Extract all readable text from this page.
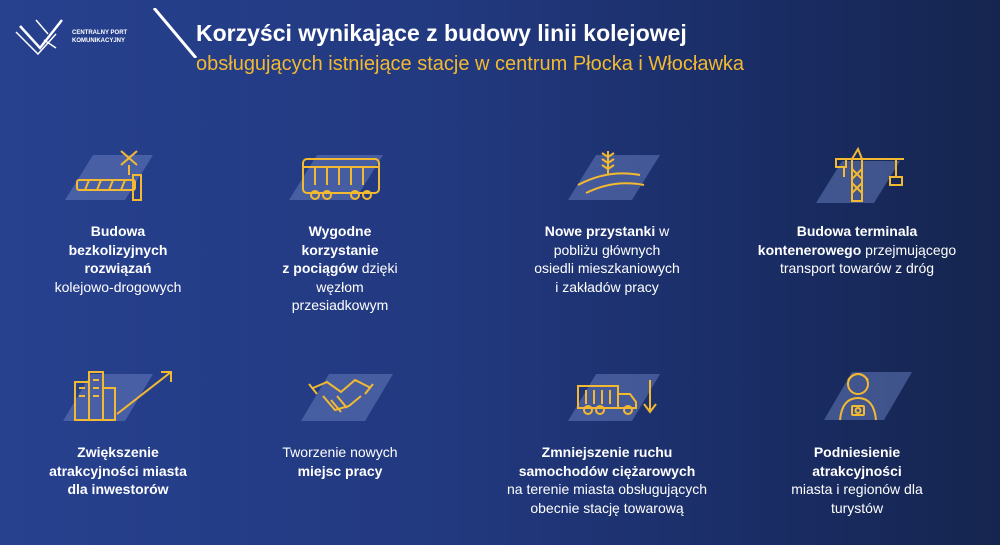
CENTRALNY PORT
KOMUNIKACYJNY	Korzyści wynikające z budowy linii kolejowej
obsługujących istniejące stacje w centrum Płocka i Włocławka
Budowa
bezkolizyjnych
rozwiązań
kolejowo-drogowych
Wygodne
korzystanie
z pociągów dzięki
węzłom
przesiadkowym
Nowe przystanki w
pobliżu głównych
osiedli mieszkaniowych
i zakładów pracy
Budowa terminala
kontenerowego przejmującego
transport towarów z dróg
Zwiększenie
atrakcyjności miasta
dla inwestorów
Tworzenie nowych
miejsc pracy
Zmniejszenie ruchu
samochodów ciężarowych
na terenie miasta obsługujących
obecnie stację towarową
Podniesienie
atrakcyjności
miasta i regionów dla
turystów
